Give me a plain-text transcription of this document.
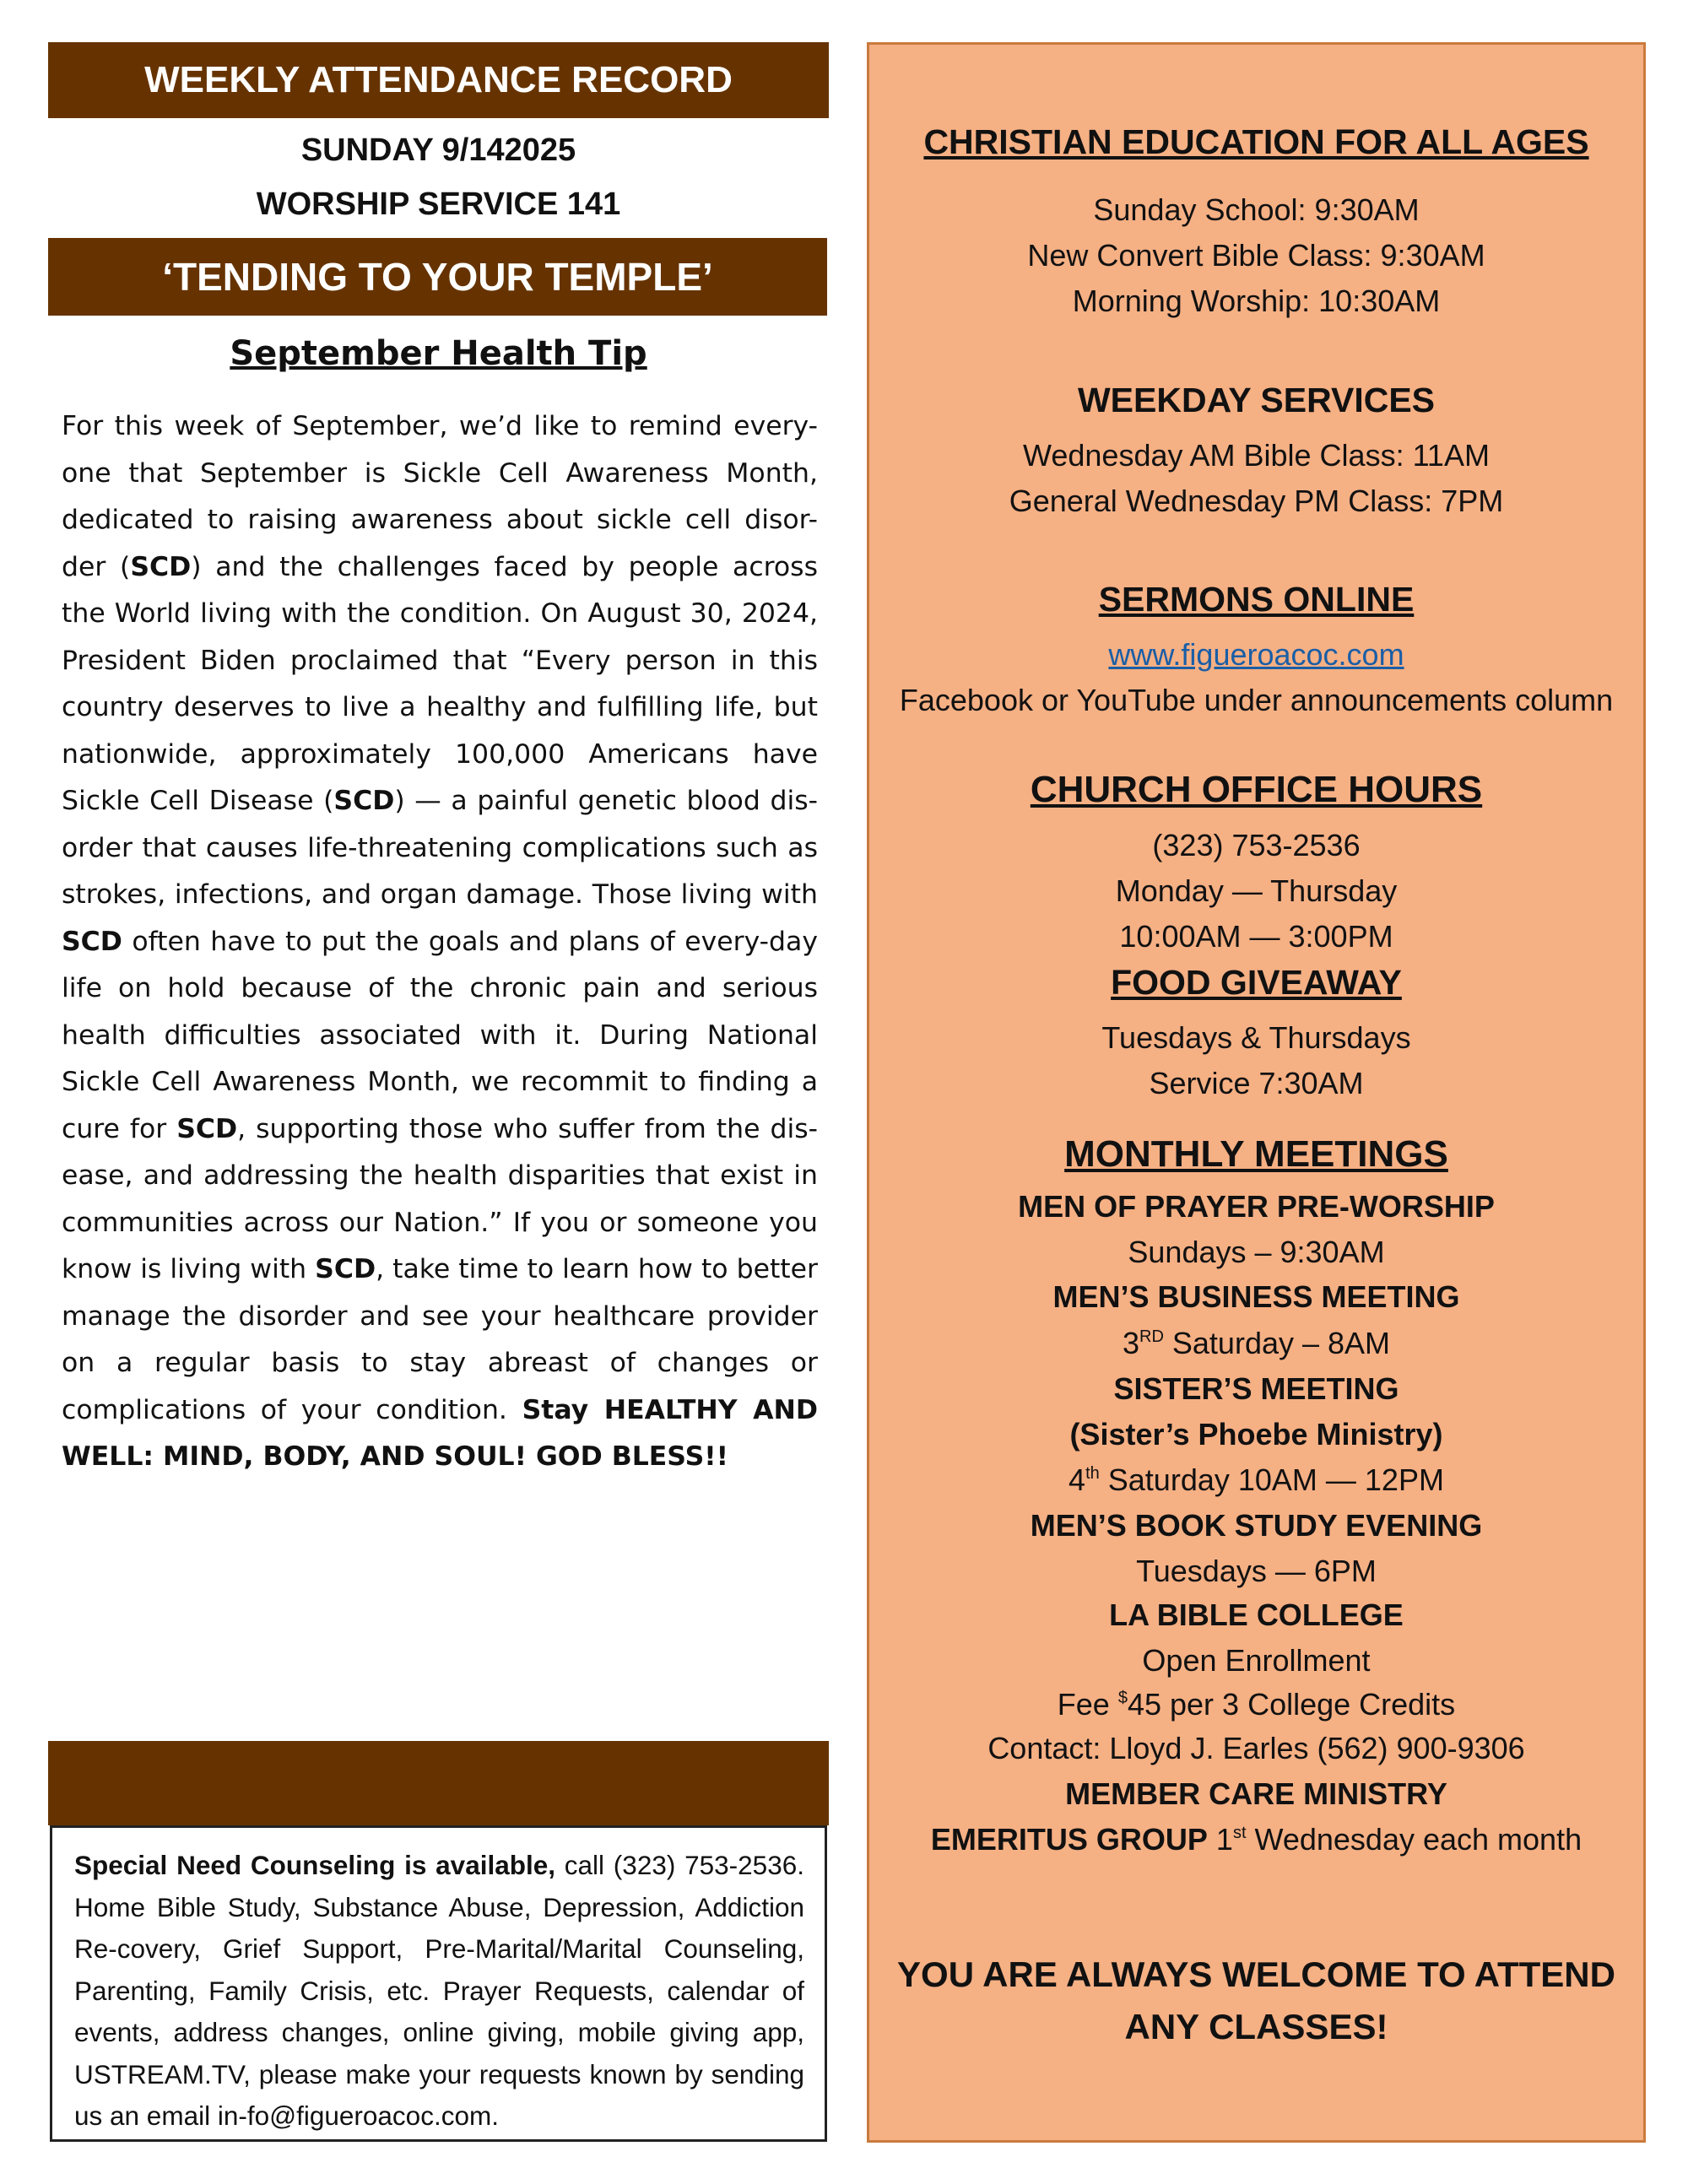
WEEKLY ATTENDANCE RECORD
SUNDAY 9/142025
WORSHIP SERVICE 141
‘TENDING TO YOUR TEMPLE’
September Health Tip
For this week of September, we’d like to remind every-one that September is Sickle Cell Awareness Month, dedicated to raising awareness about sickle cell disor-der (SCD) and the challenges faced by people across the World living with the condition. On August 30, 2024, President Biden proclaimed that “Every person in this country deserves to live a healthy and fulfilling life, but nationwide, approximately 100,000 Americans have Sickle Cell Disease (SCD) — a painful genetic blood dis-order that causes life-threatening complications such as strokes, infections, and organ damage. Those living with SCD often have to put the goals and plans of every-day life on hold because of the chronic pain and serious health difficulties associated with it. During National Sickle Cell Awareness Month, we recommit to finding a cure for SCD, supporting those who suffer from the dis-ease, and addressing the health disparities that exist in communities across our Nation.” If you or someone you know is living with SCD, take time to learn how to better manage the disorder and see your healthcare provider on a regular basis to stay abreast of changes or complications of your condition. Stay HEALTHY AND WELL: MIND, BODY, AND SOUL! GOD BLESS!!
Special Need Counseling is available, call (323) 753-2536. Home Bible Study, Substance Abuse, Depression, Addiction Re-covery, Grief Support, Pre-Marital/Marital Counseling, Parenting, Family Crisis, etc. Prayer Requests, calendar of events, address changes, online giving, mobile giving app, USTREAM.TV, please make your requests known by sending us an email in-fo@figueroacoc.com.
CHRISTIAN EDUCATION FOR ALL AGES
Sunday School: 9:30AM
New Convert Bible Class: 9:30AM
Morning Worship: 10:30AM
WEEKDAY SERVICES
Wednesday AM Bible Class: 11AM
General Wednesday PM Class: 7PM
SERMONS ONLINE
www.figueroacoc.com
Facebook or YouTube under announcements column
CHURCH OFFICE HOURS
(323) 753-2536
Monday — Thursday
10:00AM — 3:00PM
FOOD GIVEAWAY
Tuesdays & Thursdays
Service 7:30AM
MONTHLY MEETINGS
MEN OF PRAYER PRE-WORSHIP
Sundays – 9:30AM
MEN’S BUSINESS MEETING
3RD Saturday – 8AM
SISTER’S MEETING
(Sister’s Phoebe Ministry)
4th Saturday 10AM — 12PM
MEN’S BOOK STUDY EVENING
Tuesdays — 6PM
LA BIBLE COLLEGE
Open Enrollment
Fee $45 per 3 College Credits
Contact: Lloyd J. Earles (562) 900-9306
MEMBER CARE MINISTRY
EMERITUS GROUP 1st Wednesday each month
YOU ARE ALWAYS WELCOME TO ATTEND
ANY CLASSES!
